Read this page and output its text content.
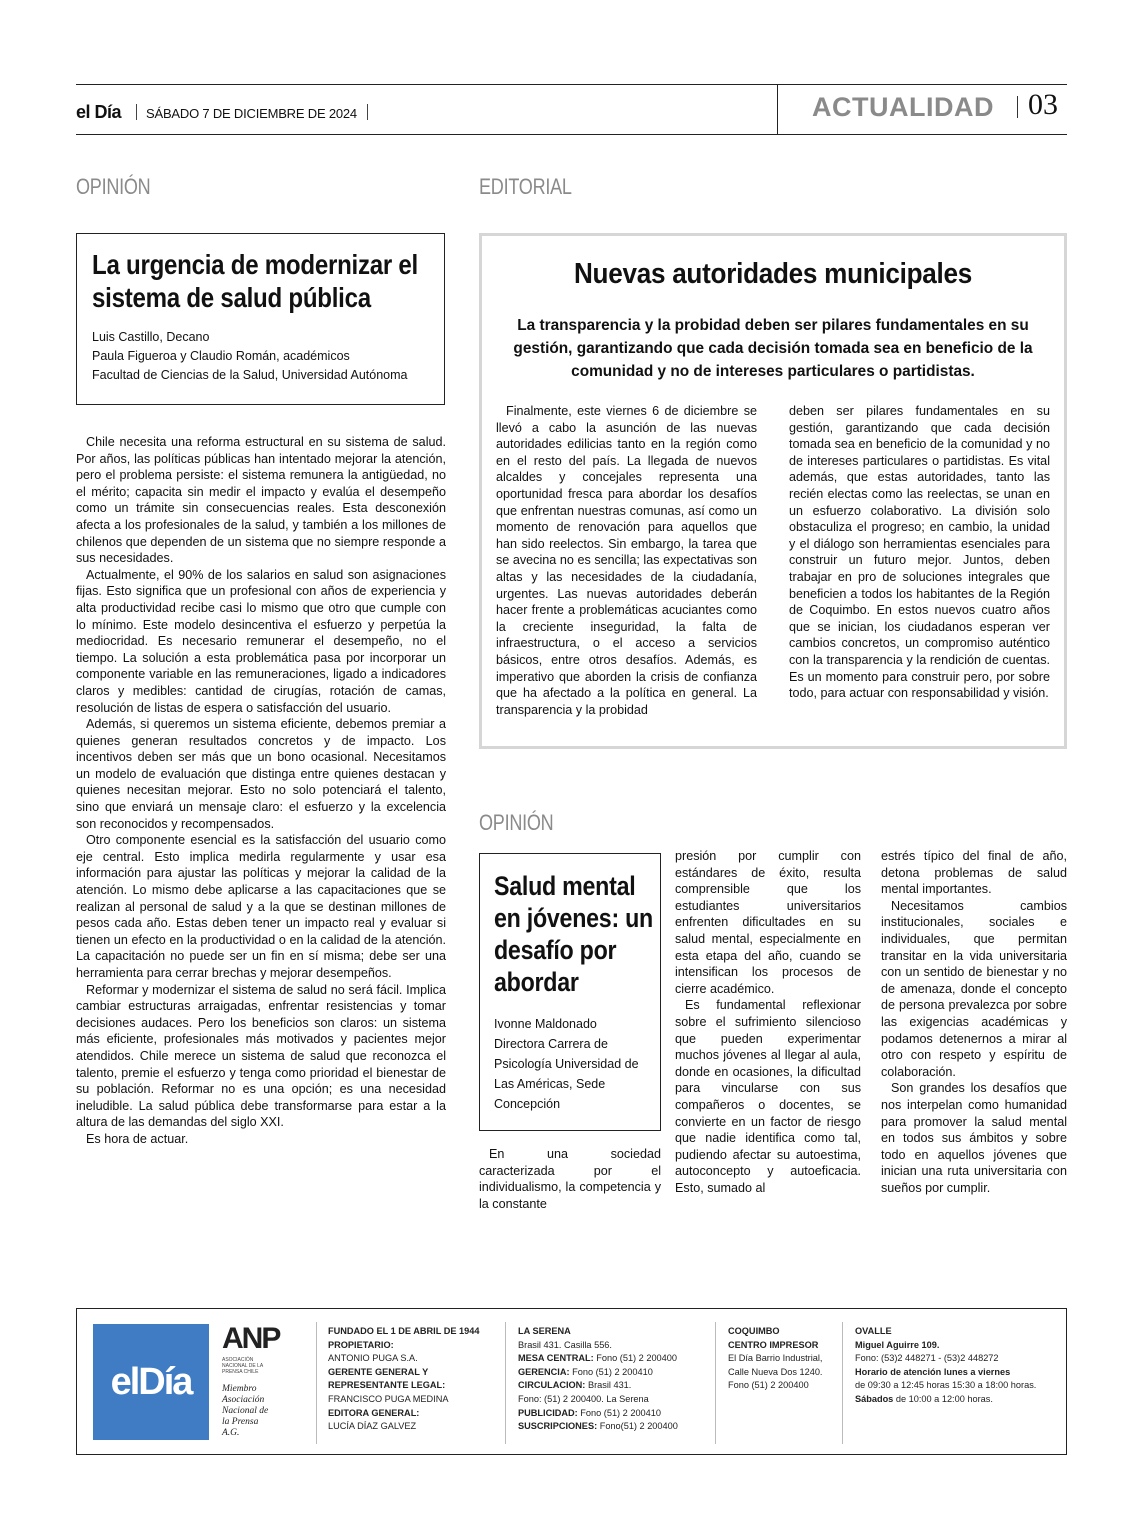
el Día SÁBADO 7 DE DICIEMBRE DE 2024	ACTUALIDAD 03
OPINIÓN
La urgencia de modernizar el sistema de salud pública
Luis Castillo, Decano
Paula Figueroa y Claudio Román, académicos
Facultad de Ciencias de la Salud, Universidad Autónoma

Chile necesita una reforma estructural en su sistema de salud. Por años, las políticas públicas han intentado mejorar la atención, pero el problema persiste: el sistema remunera la antigüedad, no el mérito; capacita sin medir el impacto y evalúa el desempeño como un trámite sin consecuencias reales. Esta desconexión afecta a los profesionales de la salud, y también a los millones de chilenos que dependen de un sistema que no siempre responde a sus necesidades.

Actualmente, el 90% de los salarios en salud son asignaciones fijas. Esto significa que un profesional con años de experiencia y alta productividad recibe casi lo mismo que otro que cumple con lo mínimo. Este modelo desincentiva el esfuerzo y perpetúa la mediocridad. Es necesario remunerar el desempeño, no el tiempo. La solución a esta problemática pasa por incorporar un componente variable en las remuneraciones, ligado a indicadores claros y medibles: cantidad de cirugías, rotación de camas, resolución de listas de espera o satisfacción del usuario.

Además, si queremos un sistema eficiente, debemos premiar a quienes generan resultados concretos y de impacto. Los incentivos deben ser más que un bono ocasional. Necesitamos un modelo de evaluación que distinga entre quienes destacan y quienes necesitan mejorar. Esto no solo potenciará el talento, sino que enviará un mensaje claro: el esfuerzo y la excelencia son reconocidos y recompensados.

Otro componente esencial es la satisfacción del usuario como eje central. Esto implica medirla regularmente y usar esa información para ajustar las políticas y mejorar la calidad de la atención. Lo mismo debe aplicarse a las capacitaciones que se realizan al personal de salud y a la que se destinan millones de pesos cada año. Estas deben tener un impacto real y evaluar si tienen un efecto en la productividad o en la calidad de la atención. La capacitación no puede ser un fin en sí misma; debe ser una herramienta para cerrar brechas y mejorar desempeños.

Reformar y modernizar el sistema de salud no será fácil. Implica cambiar estructuras arraigadas, enfrentar resistencias y tomar decisiones audaces. Pero los beneficios son claros: un sistema más eficiente, profesionales más motivados y pacientes mejor atendidos. Chile merece un sistema de salud que reconozca el talento, premie el esfuerzo y tenga como prioridad el bienestar de su población. Reformar no es una opción; es una necesidad ineludible. La salud pública debe transformarse para estar a la altura de las demandas del siglo XXI.

Es hora de actuar.

EDITORIAL
Nuevas autoridades municipales
La transparencia y la probidad deben ser pilares fundamentales en su gestión, garantizando que cada decisión tomada sea en beneficio de la comunidad y no de intereses particulares o partidistas.

Finalmente, este viernes 6 de diciembre se llevó a cabo la asunción de las nuevas autoridades edilicias tanto en la región como en el resto del país. La llegada de nuevos alcaldes y concejales representa una oportunidad fresca para abordar los desafíos que enfrentan nuestras comunas, así como un momento de renovación para aquellos que han sido reelectos. Sin embargo, la tarea que se avecina no es sencilla; las expectativas son altas y las necesidades de la ciudadanía, urgentes. Las nuevas autoridades deberán hacer frente a problemáticas acuciantes como la creciente inseguridad, la falta de infraestructura, o el acceso a servicios básicos, entre otros desafíos. Además, es imperativo que aborden la crisis de confianza que ha afectado a la política en general. La transparencia y la probidad

deben ser pilares fundamentales en su gestión, garantizando que cada decisión tomada sea en beneficio de la comunidad y no de intereses particulares o partidistas. Es vital además, que estas autoridades, tanto las recién electas como las reelectas, se unan en un esfuerzo colaborativo. La división solo obstaculiza el progreso; en cambio, la unidad y el diálogo son herramientas esenciales para construir un futuro mejor. Juntos, deben trabajar en pro de soluciones integrales que beneficien a todos los habitantes de la Región de Coquimbo. En estos nuevos cuatro años que se inician, los ciudadanos esperan ver cambios concretos, un compromiso auténtico con la transparencia y la rendición de cuentas. Es un momento para construir pero, por sobre todo, para actuar con responsabilidad y visión.

OPINIÓN
Salud mental en jóvenes: un desafío por abordar
Ivonne Maldonado
Directora Carrera de Psicología Universidad de Las Américas, Sede Concepción

En una sociedad caracterizada por el individualismo, la competencia y la constante

presión por cumplir con estándares de éxito, resulta comprensible que los estudiantes universitarios enfrenten dificultades en su salud mental, especialmente en esta etapa del año, cuando se intensifican los procesos de cierre académico.

Es fundamental reflexionar sobre el sufrimiento silencioso que pueden experimentar muchos jóvenes al llegar al aula, donde en ocasiones, la dificultad para vincularse con sus compañeros o docentes, se convierte en un factor de riesgo que nadie identifica como tal, pudiendo afectar su autoestima, autoconcepto y autoeficacia. Esto, sumado al

estrés típico del final de año, detona problemas de salud mental importantes.

Necesitamos cambios institucionales, sociales e individuales, que permitan transitar en la vida universitaria con un sentido de bienestar y no de amenaza, donde el concepto de persona prevalezca por sobre las exigencias académicas y podamos detenernos a mirar al otro con respeto y espíritu de colaboración.

Son grandes los desafíos que nos interpelan como humanidad para promover la salud mental en todos sus ámbitos y sobre todo en aquellos jóvenes que inician una ruta universitaria con sueños por cumplir.

elDía
ANP
ASOCIACIÓN NACIONAL DE LA PRENSA CHILE
Miembro
Asociación
Nacional de
la Prensa
A.G.
FUNDADO EL 1 DE ABRIL DE 1944
PROPIETARIO:
ANTONIO PUGA S.A.
GERENTE GENERAL Y
REPRESENTANTE LEGAL:
FRANCISCO PUGA MEDINA
EDITORA GENERAL:
LUCÍA DÍAZ GALVEZ
LA SERENA
Brasil 431. Casilla 556.
MESA CENTRAL: Fono (51) 2 200400
GERENCIA: Fono (51) 2 200410
CIRCULACION: Brasil 431.
Fono: (51) 2 200400. La Serena
PUBLICIDAD: Fono (51) 2 200410
SUSCRIPCIONES: Fono(51) 2 200400
COQUIMBO
CENTRO IMPRESOR
El Día Barrio Industrial,
Calle Nueva Dos 1240.
Fono (51) 2 200400
OVALLE
Miguel Aguirre 109.
Fono: (53)2 448271 - (53)2 448272
Horario de atención lunes a viernes
de 09:30 a 12:45 horas 15:30 a 18:00 horas.
Sábados de 10:00 a 12:00 horas.
